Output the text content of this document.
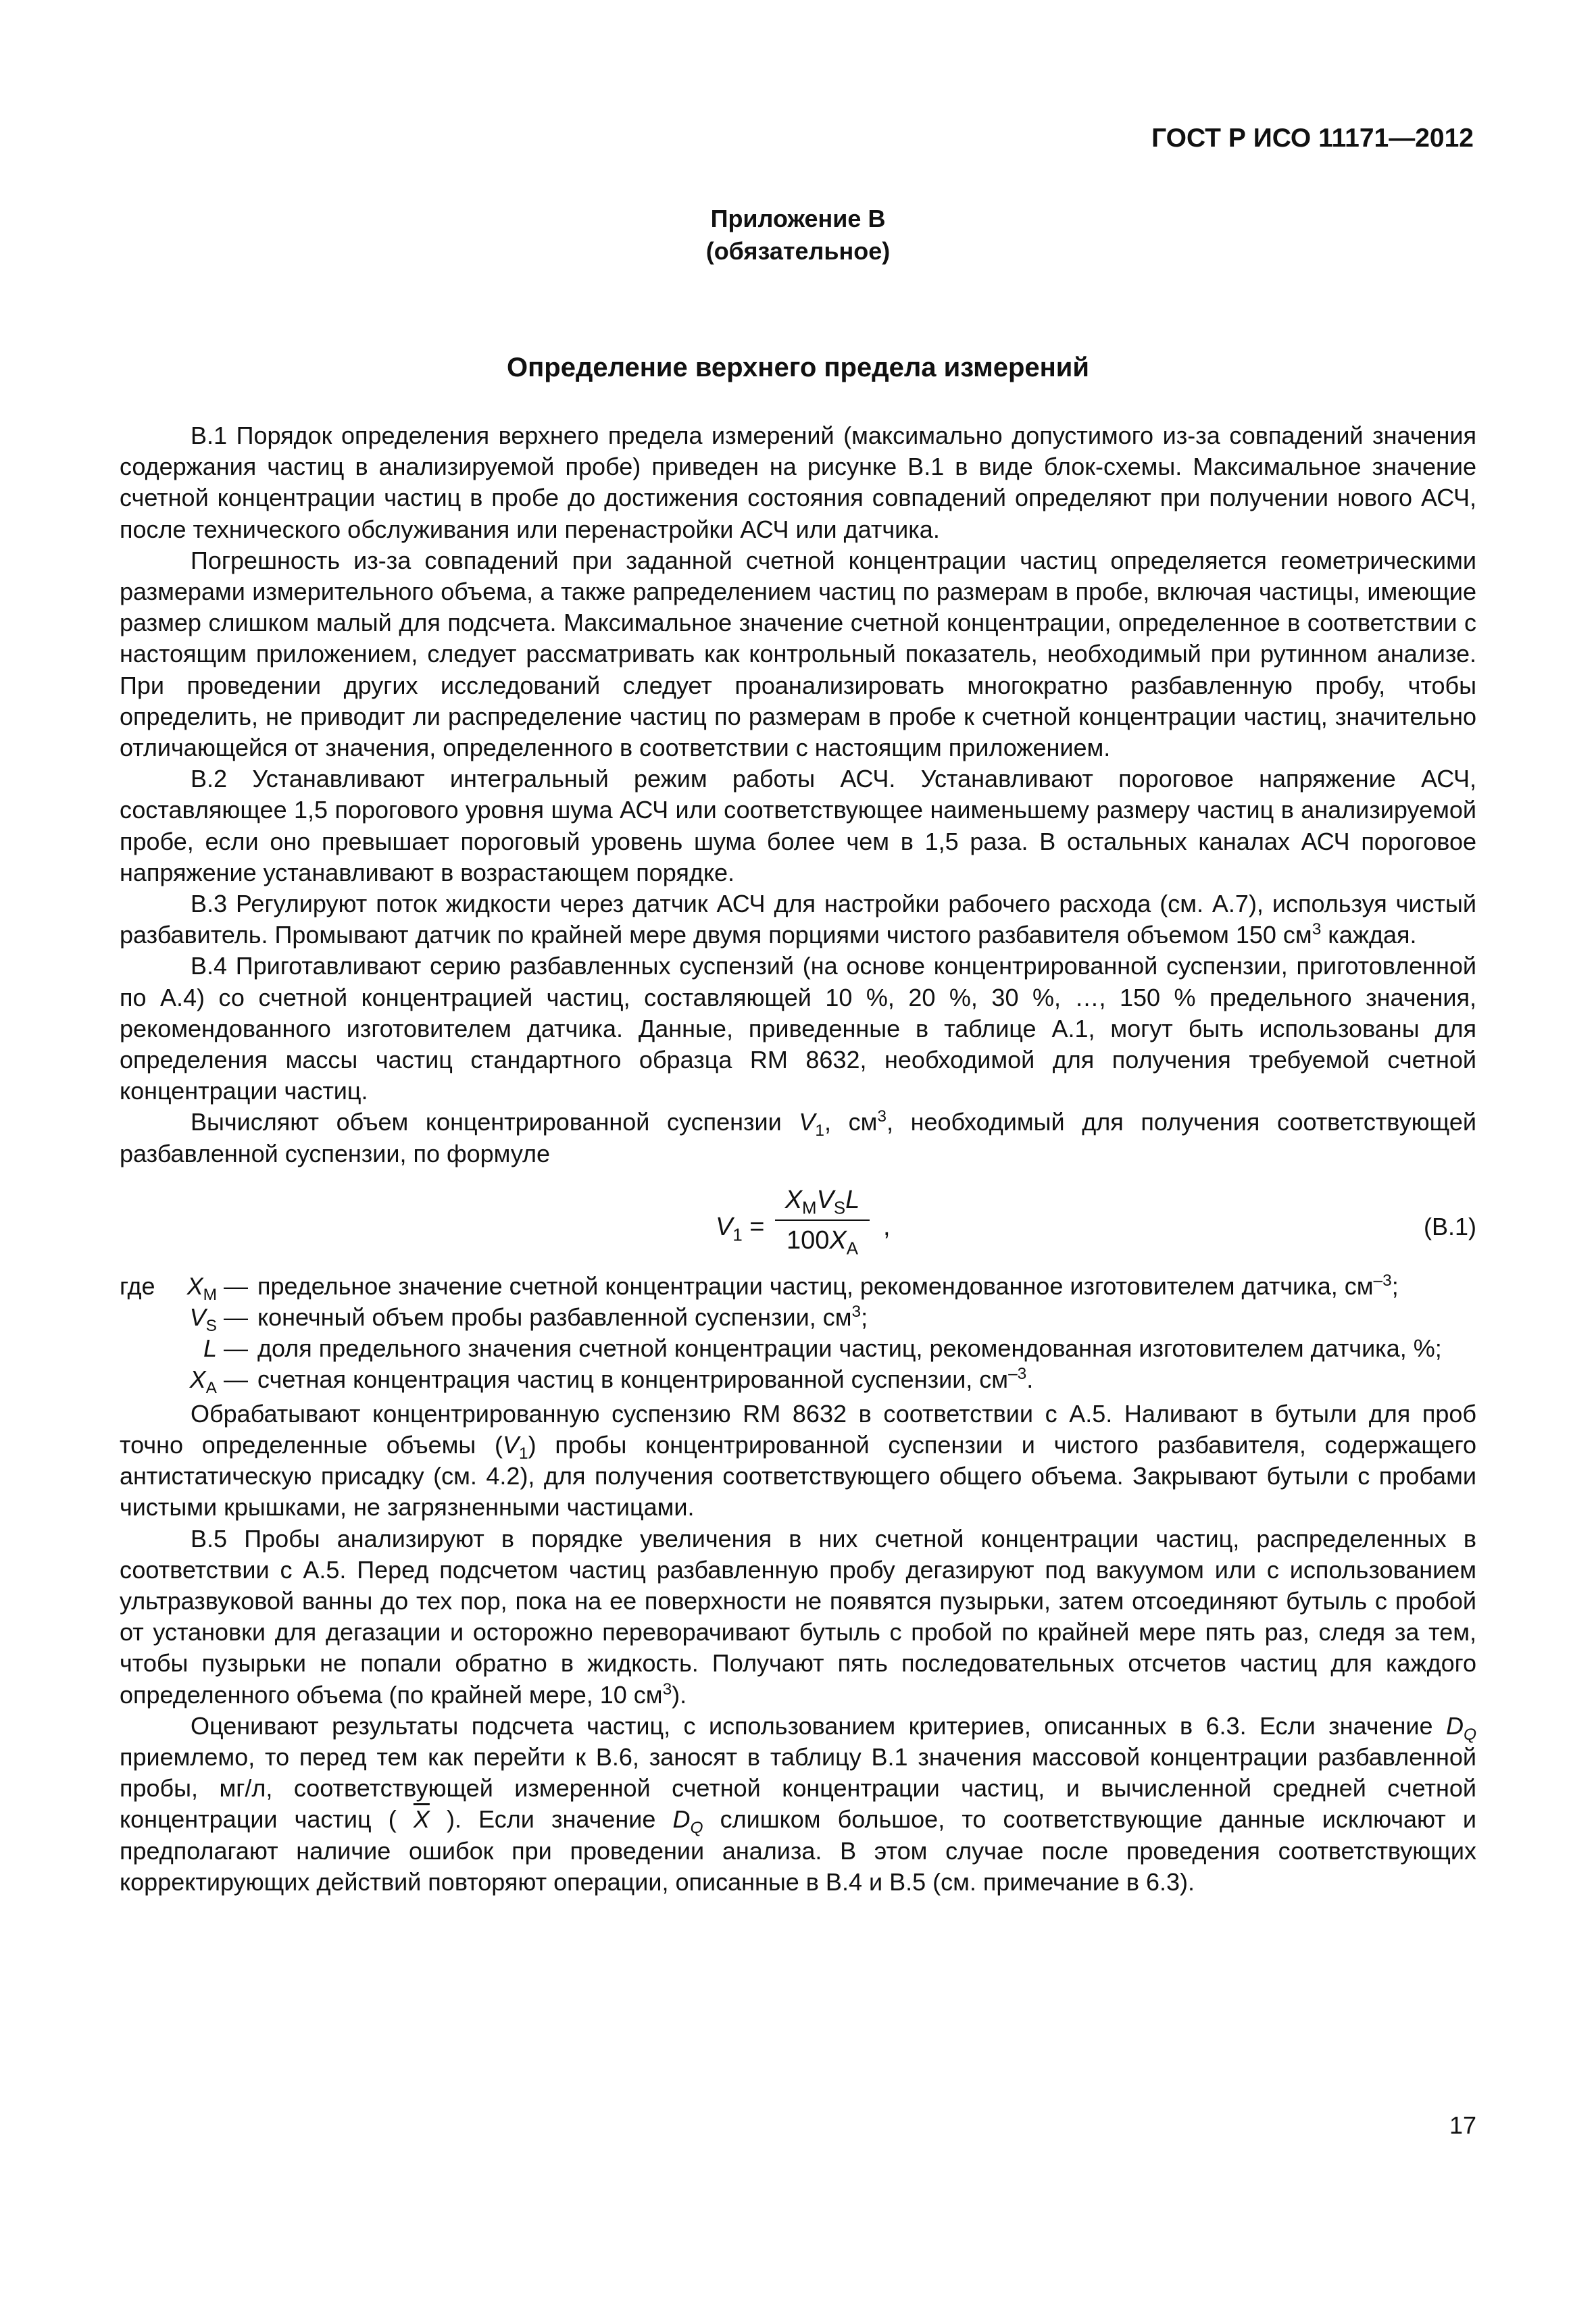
ГОСТ Р ИСО 11171—2012
Приложение В
(обязательное)
Определение верхнего предела измерений

В.1 Порядок определения верхнего предела измерений (максимально допустимого из-за совпадений значения содержания частиц в анализируемой пробе) приведен на рисунке В.1 в виде блок-схемы. Максимальное значение счетной концентрации частиц в пробе до достижения состояния совпадений определяют при получении нового АСЧ, после технического обслуживания или перенастройки АСЧ или датчика.

Погрешность из-за совпадений при заданной счетной концентрации частиц определяется геометрическими размерами измерительного объема, а также рапределением частиц по размерам в пробе, включая частицы, имеющие размер слишком малый для подсчета. Максимальное значение счетной концентрации, определенное в соответствии с настоящим приложением, следует рассматривать как контрольный показатель, необходимый при рутинном анализе. При проведении других исследований следует проанализировать многократно разбавленную пробу, чтобы определить, не приводит ли распределение частиц по размерам в пробе к счетной концентрации частиц, значительно отличающейся от значения, определенного в соответствии с настоящим приложением.

В.2 Устанавливают интегральный режим работы АСЧ. Устанавливают пороговое напряжение АСЧ, составляющее 1,5 порогового уровня шума АСЧ или соответствующее наименьшему размеру частиц в анализируемой пробе, если оно превышает пороговый уровень шума более чем в 1,5 раза. В остальных каналах АСЧ пороговое напряжение устанавливают в возрастающем порядке.

В.3 Регулируют поток жидкости через датчик АСЧ для настройки рабочего расхода (см. А.7), используя чистый разбавитель. Промывают датчик по крайней мере двумя порциями чистого разбавителя объемом 150 $см^3$ каждая.

В.4 Приготавливают серию разбавленных суспензий (на основе концентрированной суспензии, приготовленной по А.4) со счетной концентрацией частиц, составляющей 10 %, 20 %, 30 %, …, 150 % предельного значения, рекомендованного изготовителем датчика. Данные, приведенные в таблице А.1, могут быть использованы для определения массы частиц стандартного образца RM 8632, необходимой для получения требуемой счетной концентрации частиц.

Вычисляют объем концентрированной суспензии $V_1$, $см^3$, необходимый для получения соответствующей разбавленной суспензии, по формуле

$V_1$ =
$X_MV_SL$
$100X_A$
,	(В.1)
где	$X_M$ — предельное значение счетной концентрации частиц, рекомендованное изготовителем датчика, $см^{-3}$;
$V_S$ — конечный объем пробы разбавленной суспензии, $см^3$;
L — доля предельного значения счетной концентрации частиц, рекомендованная изготовителем датчика, %;
$X_A$ — счетная концентрация частиц в концентрированной суспензии, $см^{-3}$.

Обрабатывают концентрированную суспензию RM 8632 в соответствии с А.5. Наливают в бутыли для проб точно определенные объемы $(V_1)$ пробы концентрированной суспензии и чистого разбавителя, содержащего антистатическую присадку (см. 4.2), для получения соответствующего общего объема. Закрывают бутыли с пробами чистыми крышками, не загрязненными частицами.

В.5 Пробы анализируют в порядке увеличения в них счетной концентрации частиц, распределенных в соответствии с А.5. Перед подсчетом частиц разбавленную пробу дегазируют под вакуумом или с использованием ультразвуковой ванны до тех пор, пока на ее поверхности не появятся пузырьки, затем отсоединяют бутыль с пробой от установки для дегазации и осторожно переворачивают бутыль с пробой по крайней мере пять раз, следя за тем, чтобы пузырьки не попали обратно в жидкость. Получают пять последовательных отсчетов частиц для каждого определенного объема (по крайней мере, 10 $см^3$).

Оценивают результаты подсчета частиц, с использованием критериев, описанных в 6.3. Если значение $D_Q$ приемлемо, то перед тем как перейти к В.6, заносят в таблицу В.1 значения массовой концентрации разбавленной пробы, мг/л, соответствующей измеренной счетной концентрации частиц, и вычисленной средней счетной концентрации частиц ( $\overline{X}$ ). Если значение $D_Q$ слишком большое, то соответствующие данные исключают и предполагают наличие ошибок при проведении анализа. В этом случае после проведения соответствующих корректирующих действий повторяют операции, описанные в В.4 и В.5 (см. примечание в 6.3).

17
